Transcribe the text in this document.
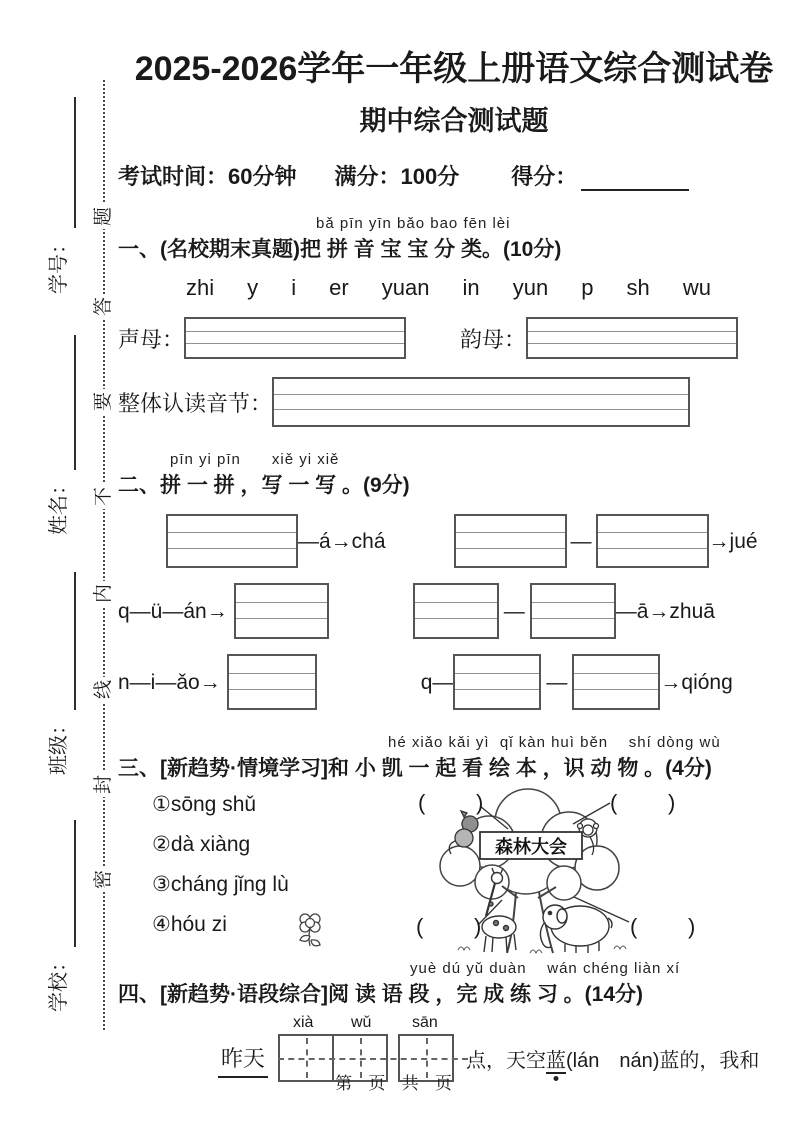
学号：
姓名：
班级：
学校：
题
答
要
不
内
线
封
密
2025-2026学年一年级上册语文综合测试卷
期中综合测试题
考试时间：60分钟 满分：100分 得分：
bǎ pīn yīn bǎo bao fēn lèi
一、(名校期末真题)把 拼 音 宝 宝 分 类。(10分)
zhi y i er yuan in yun p sh wu
声母：	韵母：
整体认读音节：
pīn yi pīn      xiě yi xiě
二、拼 一 拼 ，写 一 写 。(9分)
—á→chá	—	→jué
q—ü—án→	—	—ā→zhuā
n—i—ǎo→	q—	—	→qióng
hé xiǎo kǎi yì  qǐ kàn huì běn    shí dòng wù
三、[新趋势·情境学习]和 小 凯 一 起 看 绘 本 ，识 动 物 。(4分)
①sōng shǔ
②dà xiàng
③cháng jǐng lù
④hóu zi
森林大会
(      )	(      )
(      )	(      )
yuè dú yǔ duàn    wán chéng liàn xí
四、[新趋势·语段综合]阅 读 语 段 ，完 成 练 习 。(14分)
xià wǔ	sān
昨天	点，天空蓝(lán　nán)蓝的，我和
第 页 共 页
